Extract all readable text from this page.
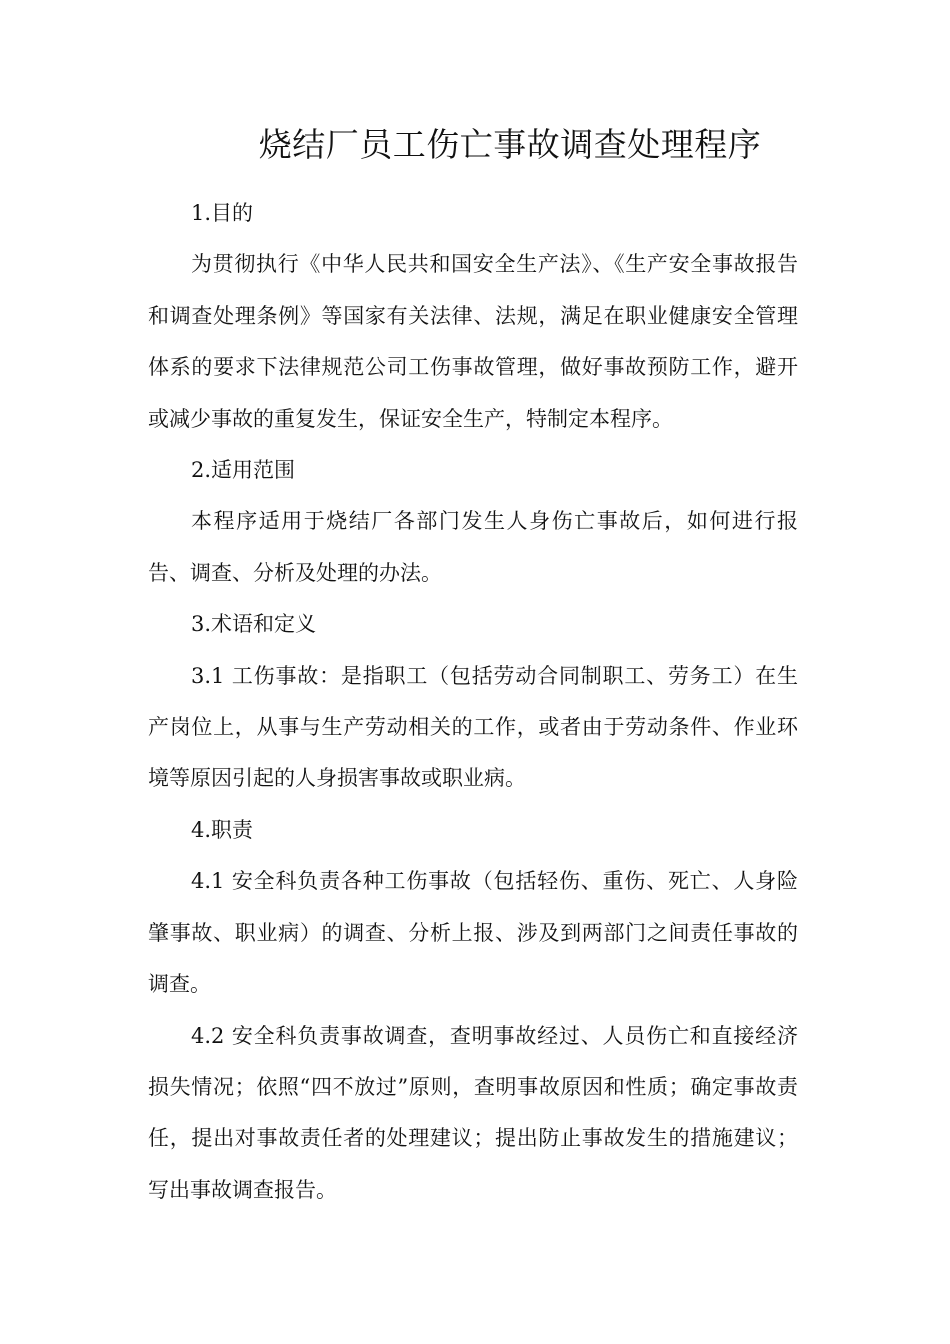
烧结厂员工伤亡事故调查处理程序

1.目的

为贯彻执行《中华人民共和国安全生产法》、《生产安全事故报告和调查处理条例》等国家有关法律、法规，满足在职业健康安全管理体系的要求下法律规范公司工伤事故管理，做好事故预防工作，避开或减少事故的重复发生，保证安全生产，特制定本程序。

2.适用范围

本程序适用于烧结厂各部门发生人身伤亡事故后，如何进行报告、调查、分析及处理的办法。

3.术语和定义

3.1 工伤事故：是指职工（包括劳动合同制职工、劳务工）在生产岗位上，从事与生产劳动相关的工作，或者由于劳动条件、作业环境等原因引起的人身损害事故或职业病。

4.职责

4.1 安全科负责各种工伤事故（包括轻伤、重伤、死亡、人身险肇事故、职业病）的调查、分析上报、涉及到两部门之间责任事故的调查。

4.2 安全科负责事故调查，查明事故经过、人员伤亡和直接经济损失情况；依照“四不放过”原则，查明事故原因和性质；确定事故责任，提出对事故责任者的处理建议；提出防止事故发生的措施建议；写出事故调查报告。
